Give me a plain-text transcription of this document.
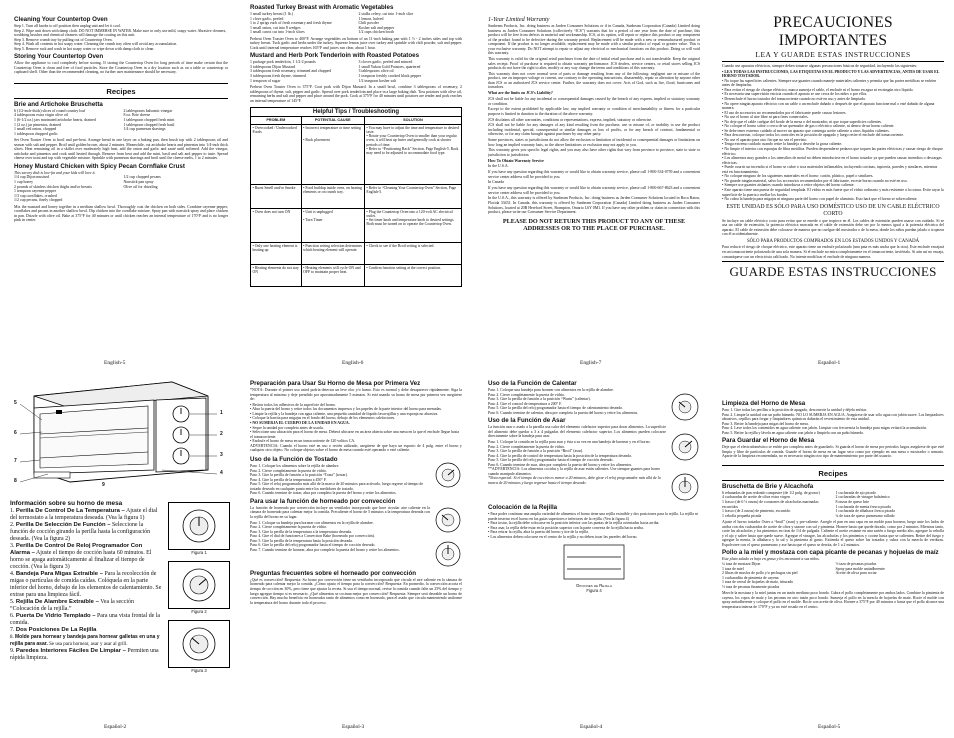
Cleaning Your Countertop Oven
Step 1. Turn all knobs to off position then unplug unit and let it cool.
Step 2. Wipe unit down with damp cloth. DO NOT IMMERSE IN WATER. Make sure to only use mild, soapy water. Abrasive cleaners, scrubbing brushes and chemical cleaners will damage the coating on this unit.
Step 3. Remove crumb tray by pulling out of Countertop Oven.
Step 4. Wash all contents in hot soapy water. Cleaning the crumb tray often will avoid any accumulation.
Step 5. Remove rack and wash in hot soapy water or wipe down with damp cloth to clean.
Storing Your Countertop Oven
Allow the appliance to cool completely before storing. If storing the Countertop Oven for long periods of time make certain that the Countertop Oven is clean and free of food particles. Store the Countertop Oven in a dry location such as on a table or countertop or cupboard shelf. Other than the recommended cleaning, no further user maintenance should be necessary.
Recipes
Brie and Artichoke Bruschetta
6 (1/2-inch-thick) slices of round country loaf
4 tablespoons extra virgin olive oil
1 (6-1/2 oz.) jars marinated artichoke hearts, drained
1 (2 oz.) jar pimentos, drained
1 small red onion, chopped
1 tablespoon chopped garlic
2 tablespoons balsamic vinegar
8 oz. Brie cheese
1 tablespoon chopped fresh mint
1 tablespoon chopped fresh basil
1/4 cup parmesan shavings
Set Oven Toaster Oven to broil and pre-heat. Arrange bread in one layer on a baking pan, then brush top with 2 tablespoons oil and season with salt and pepper. Broil until golden brown, about 2 minutes. Meanwhile, cut artichoke hearts and pimentos into 1/4-inch thick slices. Heat remaining oil in a skillet over moderately high heat, add the onion and garlic and sauté until softened. Add the vinegar, artichoke and pimentos and cook until heated through. Remove from heat and add the mint, basil and salt and pepper to taste. Spread cheese over toast and top with vegetable mixture. Sprinkle with parmesan shavings and broil until the cheese melts, 1 to 2 minutes.
Honey Mustard Chicken with Spicy Pecan Cornflake Crust
This savory dish is low-fat and your kids will love it.
1/4 cup Dijon mustard
1 cup honey
2 pounds of skinless chicken thighs and/or breasts
1 teaspoon cayenne pepper
1/3 cup cornflakes, crushed
1/2 cup pecans, finely chopped
1/2 cup chopped pecans
Nonstick pan spray
Olive oil for drizzling
Mix the mustard and honey together in a medium shallow bowl. Thoroughly coat the chicken on both sides. Combine cayenne pepper, cornflakes and pecans in another shallow bowl. Dip chicken into the cornflake mixture. Spray pan with nonstick spray and place chicken in pan. Drizzle with olive oil. Bake at 375°F for 40 minutes or until chicken reaches an internal temperature of 170°F and is no longer pink in center.
English-5
Roasted Turkey Breast with Aromatic Vegetables
1 small turkey breast (1 lb.)
1 clove garlic, peeled
1 to 2 sprigs each of fresh rosemary and fresh thyme
1 small onion, cut into 8 wedges
1 small carrot cut into 1-inch slices
2 stalks celery, cut into 1-inch slice
1 lemon, halved
Chili powder
Kosher salt and pepper
1/2 cups chicken broth
Preheat Oven Toaster Oven to 400°F. Arrange vegetables on bottom of an 11-inch baking pan with 1 ½ - 2 inches sides and top with turkey breast. Tuck garlic and herbs under the turkey. Squeeze lemon juice over turkey and sprinkle with chili powder, salt and pepper. Cook until internal temperature reaches 165°F and juices run clear, about 1 hour.
Mustard and Herb Pork Tenderloin with Roasted Potatoes
1 package pork tenderloin, 1 1/2-2 pounds
3 tablespoons Dijon Mustard
3 tablespoons fresh rosemary, trimmed and chopped
3 tablespoons fresh thyme, trimmed
1 teaspoon of sugar
3 cloves garlic, peeled and minced
1 small Yukon Gold Potatoes, quartered
3 tablespoons olive oil
1 teaspoon freshly cracked black pepper
1/2 teaspoon kosher salt
Preheat Oven Toaster Oven to 375°F. Coat pork with Dijon Mustard. In a small bowl, combine 3 tablespoons of rosemary, 2 tablespoons of thyme, salt, pepper and garlic. Spread over pork tenderloin and place in a large baking dish. Toss potatoes with olive oil, remaining herbs and salt and pepper and place around the pork. Cook at 375°F for 40 minutes until potatoes are tender and pork reaches an internal temperature of 145°F.
Helpful Tips / Troubleshooting
PROBLEM	POTENTIAL CAUSE	SOLUTION
• Overcooked / Undercooked Foods	• Incorrect temperature or time setting

• Rack placement	• You may have to adjust the time and temperature to desired taste.
• Rotate your Countertop Oven to smaller than your regular oven, it will heat up faster and generally cook at shorter periods of time.
• Refer to “Positioning Rack” Section, Page English-5. Rack may need to be adjusted to accommodate food type.
• Burnt Smell and/or Smoke	• Food buildup inside oven, on heating elements or on crumb tray.	• Refer to “Cleaning Your Countertop Oven” Section, Page English-5.
• Oven does not turn ON	• Unit is unplugged

• Turn Timer	• Plug the Countertop Oven into a 120-volt AC electrical outlet.
• Set timer knob and temperature knob to desired settings. Both must be turned on to operate the Countertop Oven.
• Only one heating element is heating up	• Function setting selection determines which heating element will operate.	• Check to see if the Broil setting is selected.
• Heating elements do not stay ON	• Heating elements will cycle ON and OFF to maintain proper heat.	• Confirm function setting at the correct position.
English-6
1-Year Limited Warranty
Sunbeam Products, Inc. doing business as Jarden Consumer Solutions or if in Canada, Sunbeam Corporation (Canada) Limited doing business as Jarden Consumer Solutions (collectively “JCS”) warrants that for a period of one year from the date of purchase, this product will be free from defects in material and workmanship. JCS, at its option, will repair or replace this product or any component of the product found to be defective during the warranty period. Replacement will be made with a new or remanufactured product or component. If the product is no longer available, replacement may be made with a similar product of equal or greater value. This is your exclusive warranty. Do NOT attempt to repair or adjust any electrical or mechanical functions on this product. Doing so will void this warranty.
This warranty is valid for the original retail purchaser from the date of initial retail purchase and is not transferable. Keep the original sales receipt. Proof of purchase is required to obtain warranty performance. JCS dealers, service centers, or retail stores selling JCS products do not have the right to alter, modify or any way change the terms and conditions of this warranty.
This warranty does not cover normal wear of parts or damage resulting from any of the following: negligent use or misuse of the product, use on improper voltage or current, use contrary to the operating instructions, disassembly, repair or alteration by anyone other than JCS or an authorized JCS service center. Further, the warranty does not cover: Acts of God, such as fire, flood, hurricanes and tornadoes.
What are the limits on JCS’s Liability?
JCS shall not be liable for any incidental or consequential damages caused by the breach of any express, implied or statutory warranty or condition.
Except to the extent prohibited by applicable law, any implied warranty or condition of merchantability or fitness for a particular purpose is limited in duration to the duration of the above warranty.
JCS disclaims all other warranties, conditions or representations, express, implied, statutory or otherwise.
JCS shall not be liable for any damages of any kind resulting from the purchase, use or misuse of, or inability to use the product including incidental, special, consequential or similar damages or loss of profits, or for any breach of contract, fundamental or otherwise, or for any claim brought against purchaser by any other party.
Some provinces, states or jurisdictions do not allow the exclusion or limitation of incidental or consequential damages or limitations on how long an implied warranty lasts, so the above limitations or exclusion may not apply to you.
This warranty gives you specific legal rights, and you may also have other rights that vary from province to province, state to state or jurisdiction to jurisdiction.
How To Obtain Warranty Service
In the U.S.A.
If you have any question regarding this warranty or would like to obtain warranty service, please call 1-800-334-0759 and a convenient service center address will be provided to you.
In Canada
If you have any question regarding this warranty or would like to obtain warranty service, please call 1-800-667-8623 and a convenient service center address will be provided to you.
In the U.S.A., this warranty is offered by Sunbeam Products, Inc. doing business as Jarden Consumer Solutions located in Boca Raton, Florida 33431. In Canada, this warranty is offered by Sunbeam Corporation (Canada) Limited doing business as Jarden Consumer Solutions, located at 20B Hereford Street, Brampton, Ontario L6Y 0M1. If you have any other problem or claim in connection with this product, please write our Consumer Service Department.
PLEASE DO NOT RETURN THIS PRODUCT TO ANY OF THESE ADDRESSES OR TO THE PLACE OF PURCHASE.
English-7
PRECAUCIONES IMPORTANTES
LEA Y GUARDE ESTAS INSTRUCCIONES
Cuando use aparatos eléctricos, siempre deben tomarse algunas precauciones básicas de seguridad, incluyendo las siguientes:
• LEA TODAS LAS INSTRUCCIONES, LAS ETIQUETAS EN EL PRODUCTO Y LAS ADVERTENCIAS, ANTES DE USAR EL HORNO TOSTADOR.
• No toque las superficies calientes. Siempre use guantes cuando maneje materiales calientes y permita que las partes metálicas se enfríen antes de limpiarlas.
• Para evitar el riesgo de choque eléctrico, nunca sumerja el cable, el enchufe ni el horno en agua ni en ningún otro líquido.
• Es necesaria una supervisión estricta cuando el aparato se use cerca de los niños o por ellos.
• Desenchufe el horno tostador del tomacorriente cuando no esté en uso y antes de limpiarlo.
• No opere ningún aparato eléctrico con un cable o un enchufe dañado o después de que el aparato funcione mal o esté dañado de alguna manera.
• El uso de accesorios no recomendados por el fabricante puede causar lesiones.
• No use el horno al aire libre ni para fines comerciales.
• No deje que el cable cuelgue del borde de la mesa o del mostrador, ni que toque superficies calientes.
• No coloque el horno sobre o cerca de un quemador de gas o eléctrico caliente, ni dentro de un horno caliente.
• Se debe tener extremo cuidado al mover un aparato que contenga aceite caliente u otros líquidos calientes.
• Para desconectar, coloque todos los controles en la posición de apagado y luego retire el enchufe del tomacorriente.
• No use el aparato para otro fin que no sea el previsto.
• Tenga extremo cuidado cuando retire la bandeja o deseche la grasa caliente.
• No limpie el interior con esponjas de fibra metálica. Pueden desprenderse pedazos que toquen las partes eléctricas y causar riesgo de choque eléctrico.
• Los alimentos muy grandes o los utensilios de metal no deben introducirse en el horno tostador ya que pueden causar incendios o descargas eléctricas.
• Puede ocurrir un incendio si el horno se cubre o toca materiales inflamables, incluyendo cortinas, tapicería, paredes y similares, mientras está en funcionamiento.
• No coloque ninguno de los siguientes materiales en el horno: cartón, plástico, papel o similares.
• No guarde ningún material, salvo los accesorios recomendados por el fabricante, en este horno cuando no esté en uso.
• Siempre use guantes aislantes cuando introduzca o retire objetos del horno caliente.
• Este aparato tiene una puerta de seguridad templada. El vidrio es más fuerte que el vidrio ordinario y más resistente a la rotura. Evite rayar la superficie de la puerta o mellar los bordes.
• No cubra la bandeja para migajas ni ninguna parte del horno con papel de aluminio. Esto hará que el horno se sobrecaliente.
ESTE UNIDAD ES SÓLO PARA USO DOMÉSTICO USO DE UN CABLE ELÉCTRICO CORTO
Se incluye un cable eléctrico corto para evitar que se enrede o que tropiece en él. Los cables de extensión pueden usarse con cuidado. Si se usa un cable de extensión, la potencia eléctrica marcada en el cable de extensión debe ser por lo menos igual a la potencia eléctrica del aparato. El cable de extensión debe colocarse de manera que no cuelgue del mostrador o de la mesa, donde los niños puedan jalarlo o tropezar con él accidentalmente.
SÓLO PARA PRODUCTOS COMPRADOS EN LOS ESTADOS UNIDOS Y CANADÁ
Para reducir el riesgo de choque eléctrico, este aparato tiene un enchufe polarizado (una pata es más ancha que la otra). Este enchufe encajará en un tomacorriente polarizado de una sola manera. Si el enchufe no entra completamente en el tomacorriente, inviértalo. Si aún así no encaja, comuníquese con un electricista calificado. No intente modificar el enchufe de ninguna manera.
GUARDE ESTAS INSTRUCCIONES
Español-1
1
2
3
4
5
6
7
8
9
Información sobre su horno de mesa
1. Perilla De Control De La Temperatura – Ajuste el dial del termostato a la temperatura deseada. (Vea la figura 1)
2. Perilla De Selección De Función – Seleccione la función de cocción girando la perilla hasta la configuración deseada. (Vea la figura 2)
3. Perilla De Control De Reloj Programador Con Alarma – Ajuste el tiempo de cocción hasta 60 minutos. El horno se apaga automáticamente al finalizar el tiempo de cocción. (Vea la figura 3)
4. Bandeja Para Migas Extraíble – Para la recolección de migas o partículas de comida caídas. Colóquela en la parte inferior del horno, debajo de los elementos de calentamiento. Se extrae para una limpieza fácil.
5. Rejilla De Alambre Extraíble – Vea la sección “Colocación de la rejilla.”
6. Puerta De Vidrio Templado – Para una vista frontal de la comida.
7. Dos Posiciones De La Rejilla
8. Molde para hornear y bandeja para hornear galletas en una y rejilla para asar. Se usa para hornear, asar y asar al grill.
9. Paredes Interiores Fáciles De Limpiar – Permiten una rápida limpieza.
Figura 1
Figura 2
Figura 3
Español-2
Preparación para Usar Su Horno de Mesa por Primera Vez
*NOTA: Durante el primer uso usted podría detectar un leve olor y/o humo. Esto es normal y debe desaparecer rápidamente. Siga la temperatura al máximo y deje prendido por aproximadamente 5 minutos. Si está usando su horno de mesa por primera vez asegúrese de:
• Retirar todos los adhesivos de la superficie del horno.
• Abra la puerta del horno y retire todos los documentos impresos y los papeles de la parte interior del horno para menudas.
• Limpie la rejilla y la bandeja con agua caliente, una pequeña cantidad de líquido lavavajillas y una esponja no abrasiva.
• Coloque la barrita para migajas en el fondo del horno, debajo de los elementos calefactores.
• NO SUMERJA EL CUERPO DE LA UNIDAD EN AGUA.
• Seque la unidad por completo antes de usarla.
• Seleccione una ubicación para el horno de mesa. Deberá ubicarse en un área abierta sobre una mesa en la que el enchufe llegue hasta el tomacorriente.
• Enchufe el horno de mesa en un tomacorriente de 120 voltios CA.
ADVERTENCIA: Cuando el horno esté en uso o recién utilizado, asegúrese de que haya un espacio de 4 pulg. entre el horno y cualquier otro objeto. No coloque objetos sobre el horno de mesa cuando esté operando o esté caliente.
Uso de la Función de Tostado
Paso 1. Coloque los alimentos sobre la rejilla de alambre.
Paso 2. Cierre completamente la puerta de vidrio.
Paso 3. Gire la perilla de función a la posición “Toast” (tostar).
Paso 4. Gire la perilla de la temperatura a 450° F.
Paso 5. Gire el reloj programador más allá de la marca de 20 minutos para activarlo, luego regrese al tiempo de tostado deseado en cualquier punto entre los medidores de tostado.
Paso 6. Cuando termine de tostar, abra por completo la puerta del horno y retire los alimentos.
Para usar la función de horneado por convección
La función de horneado por convección incluye un ventilador incorporado que hace circular aire caliente en la cámara de horneado para calentar mejor la comida. Precaliente el horno de 5 minutos a la temperatura deseada con la rejilla del horno en su lugar.
Paso 1. Coloque su bandeja para hornear con alimentos en la rejilla de alambre.
Paso 2. Cierre completamente la puerta de vidrio.
Paso 3. Gire la perilla de la temperatura a la temperatura deseada.
Paso 4. Gire el dial de funciones a Convection Bake (horneado por convección).
Paso 5. Gire la perilla de la temperatura hasta la posición deseada.
Paso 6. Gire la perilla del reloj programador hasta el tiempo de cocción deseado.
Paso 7. Cuando termine de hornear, abra por completo la puerta del horno y retire los alimentos.
Preguntas frecuentes sobre el horneado por convección
¿Qué es convección? Respuesta: Su horno por convección tiene un ventilador incorporado que circula el aire caliente en la cámara de horneado para calentar mejor la comida. ¿Cómo ajusto el tiempo para la convección? Respuesta: En promedio, la convección acorta el tiempo de cocción en 30%, pero tiene que ajustar la receta. Si usa el tiempo normal, revise la comida cuando falte un 25% del tiempo y luego agregue tiempo si es necesario. ¿Qué alimentos se cocinan mejor por convección? Respuesta: Siempre será deseable un horno de convección. Hay mucho beneficio en horneados tanto de alimentos como en horneado, para el asado que circula manteniendo uniforme la temperatura del horno durante todo el proceso.
Español-3
Uso de la Función de Calentar
Paso 1. Coloque una bandeja para hornear con alimentos en la rejilla de alambre.
Paso 2. Cierre completamente la puerta de vidrio.
Paso 3. Gire la perilla de función a la posición “Warm” (calentar).
Paso 4. Gire el control de temperatura a 200° F.
Paso 5. Gire la perilla del reloj programador hasta el tiempo de calentamiento deseado.
Paso 6. Cuando termine de calentar, abra por completo la puerta del horno y retire los alimentos.
Uso de la Función de Asar
La función asar o asado a la parrilla usa calor del elemento calefactor superior para dorar alimentos. La superficie del alimento debe quedar a 3 a 4 pulgadas del elemento calefactor superior. Los alimentos pueden colocarse directamente sobre la bandeja para asar.
Paso 1. Coloque la comida en la rejilla para asar y ésta a su vez en una bandeja de hornear y en el horno.
Paso 2. Cierre completamente la puerta de vidrio.
Paso 3. Gire la perilla de función a la posición “Broil” (asar).
Paso 4. Gire la perilla de control de temperatura hasta la posición de la temperatura deseada.
Paso 5. Gire la perilla del reloj programador hasta el tiempo de cocción deseado.
Paso 6. Cuando termine de asar, abra por completo la puerta del horno y retire los alimentos.
**ADVERTENCIA: Los alimentos cocidos y la rejilla de asar están calientes. Use siempre guantes para horno cuando manipule alimentos.
*Nota especial: Si el tiempo de cocción es menor a 20 minutos, debe girar el reloj programador más allá de la marca de 20 minutos y luego regresar hasta el tiempo deseado.
Colocación de la Rejilla
• Para poder continuar una amplia variedad de alimentos el horno tiene una rejilla extraíble y dos posiciones para la rejilla. La rejilla se puede insertar en el horno en las guías superiores e inferiores de la rejilla. (Vea la figura 4)
• Para tostar, la rejilla debe colocarse en la posición inferior con las puntas de la rejilla orientadas hacia arriba.
• Para asar, la rejilla debe estar en la posición superior con la parte convexa de la rejilla hacia arriba.
• Para retirar la rejilla, abra la puerta del horno y tire de la rejilla.
• Los alimentos deben colocarse en el centro de la rejilla y no deben tocar las paredes del horno.
Opciones de Rejilla
Figura 4
Español-4
Limpieza del Horno de Mesa
Paso 1. Gire todas las perillas a la posición de apagado, desconecte la unidad y déjela enfriar.
Paso 2. Limpie la unidad con un paño húmedo. NO LO SUMERJA EN AGUA. Asegúrese de usar sólo agua con jabón suave. Los limpiadores abrasivos, cepillos para fregar y limpiadores químicos dañarán el revestimiento de esta unidad.
Paso 3. Retire la bandeja para migas del horno de mesa.
Paso 4. Lave todos los contenidos en agua caliente con jabón. Limpiar con frecuencia la bandeja para migas evitará la acumulación.
Paso 5. Retire la rejilla y lávela en agua caliente con jabón o límpiela con un paño húmedo.
Para Guardar el Horno de Mesa
Deje que el electrodoméstico se enfríe por completo antes de guardarlo. Si guarda el horno de mesa por periodos largos asegúrese de que esté limpio y libre de partículas de comida. Guarde el horno de mesa en un lugar seco como por ejemplo en una mesa o mostrador o armario. Aparte de la limpieza recomendada, no es necesario ningún otro tipo de mantenimiento por parte del usuario.
Recipes
Bruschetta de Brie y Alcachofa
6 rebanadas de pan redondo campestre (de 1/2 pulg. de grosor)
4 cucharadas de aceite de oliva extra virgen
1 frasco (de 6 ½ onzas) de corazones de alcachofas marinadas escurridos
1 frasco (de 2 onzas) de pimiento, escurrido
1 cebolla pequeña picada
1 cucharada de ajo picado
2 cucharadas de vinagre balsámico
8 onzas de queso brie
1 cucharada de menta fresca picada
1 cucharada de albahaca fresca picada
¼ de taza de queso parmesano rallado
Ajuste el horno tostador Oster a “broil” (asar) y pre-caliente. Arregle el pan en una capa en un molde para hornear, luego unte los lados de arriba con dos cucharadas de aceite de oliva y sazone con sal y pimienta. Hornee hasta que quede dorado, como por 2 minutos. Mientras tanto, corte las alcachofas y los pimientos en tiras de 1/4 de pulgada. Caliente el aceite restante en una sartén a fuego medio alto, agregue la cebolla y el ajo y saltee hasta que quede suave. Agregue el vinagre, las alcachofas y los pimientos y cocine hasta que se calienten. Retire del fuego y agregue la menta, la albahaca y la sal y la pimienta al gusto. Extienda el queso sobre las tostadas y cubra con la mezcla de verduras. Espolvoree con el queso parmesano y ase hasta que el queso se derrita, de 1 a 2 minutos.
Pollo a la miel y mostaza con capa picante de pecanas y hojuelas de maíz
Este plato salado es bajo en grasa y les encantará a sus niños.
¼ taza de mostaza Dijon
1 taza de miel
2 libras de muslos de pollo y/o pechugas sin piel
1 cucharadita de pimienta de cayena
1 taza de cereal de hojuelas de maíz, triturado
½ taza de pecanas finamente picadas
½ taza de pecanas picadas
Spray para molde antiadherente
Aceite de oliva para rociar
Mezcle la mostaza y la miel juntas en un tazón mediano poco hondo. Cubra el pollo completamente por ambos lados. Combine la pimienta de cayena, los copos de maíz y las pecanas en otro tazón poco hondo. Sumerja el pollo en la mezcla de hojuelas de maíz. Rocíe el molde con spray antiadherente y coloque el pollo en el molde. Rocíe con aceite de oliva. Hornee a 375°F por 40 minutos o hasta que el pollo alcance una temperatura interna de 170°F y ya no esté rosado en el centro.
Español-5
